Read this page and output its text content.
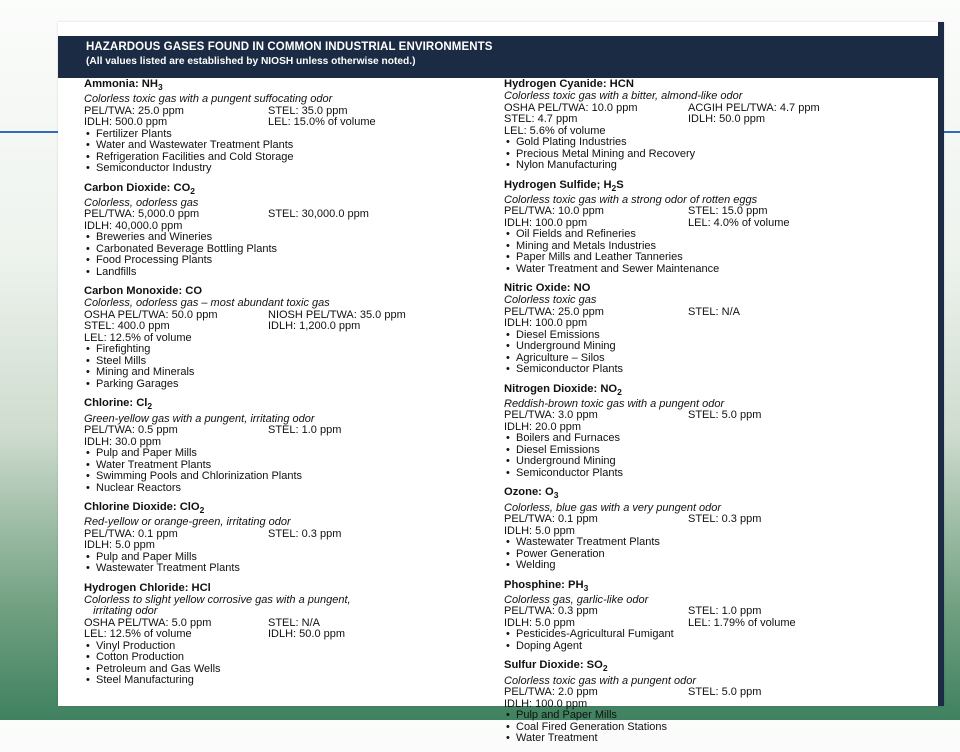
HAZARDOUS GASES FOUND IN COMMON INDUSTRIAL ENVIRONMENTS
(All values listed are established by NIOSH unless otherwise noted.)
Ammonia: $NH_3$
Colorless toxic gas with a pungent suffocating odor
PEL/TWA: 25.0 ppm	STEL: 35.0 ppm
IDLH: 500.0 ppm	LEL: 15.0% of volume
• Fertilizer Plants
• Water and Wastewater Treatment Plants
• Refrigeration Facilities and Cold Storage
• Semiconductor Industry
Carbon Dioxide: $CO_2$
Colorless, odorless gas
PEL/TWA: 5,000.0 ppm	STEL: 30,000.0 ppm
IDLH: 40,000.0 ppm
• Breweries and Wineries
• Carbonated Beverage Bottling Plants
• Food Processing Plants
• Landfills
Carbon Monoxide: CO
Colorless, odorless gas – most abundant toxic gas
OSHA PEL/TWA: 50.0 ppm	NIOSH PEL/TWA: 35.0 ppm
STEL: 400.0 ppm	IDLH: 1,200.0 ppm
LEL: 12.5% of volume
• Firefighting
• Steel Mills
• Mining and Minerals
• Parking Garages
Chlorine: $Cl_2$
Green-yellow gas with a pungent, irritating odor
PEL/TWA: 0.5 ppm	STEL: 1.0 ppm
IDLH: 30.0 ppm
• Pulp and Paper Mills
• Water Treatment Plants
• Swimming Pools and Chlorinization Plants
• Nuclear Reactors
Chlorine Dioxide: ClO$_2$
Red-yellow or orange-green, irritating odor
PEL/TWA: 0.1 ppm	STEL: 0.3 ppm
IDLH: 5.0 ppm
• Pulp and Paper Mills
• Wastewater Treatment Plants
Hydrogen Chloride: HCl
Colorless to slight yellow corrosive gas with a pungent,
irritating odor
OSHA PEL/TWA: 5.0 ppm	STEL: N/A
LEL: 12.5% of volume	IDLH: 50.0 ppm
• Vinyl Production
• Cotton Production
• Petroleum and Gas Wells
• Steel Manufacturing
Hydrogen Cyanide: HCN
Colorless toxic gas with a bitter, almond-like odor
OSHA PEL/TWA: 10.0 ppm	ACGIH PEL/TWA: 4.7 ppm
STEL: 4.7 ppm	IDLH: 50.0 ppm
LEL: 5.6% of volume
• Gold Plating Industries
• Precious Metal Mining and Recovery
• Nylon Manufacturing
Hydrogen Sulfide; $H_2S$
Colorless toxic gas with a strong odor of rotten eggs
PEL/TWA: 10.0 ppm	STEL: 15.0 ppm
IDLH: 100.0 ppm	LEL: 4.0% of volume
• Oil Fields and Refineries
• Mining and Metals Industries
• Paper Mills and Leather Tanneries
• Water Treatment and Sewer Maintenance
Nitric Oxide: NO
Colorless toxic gas
PEL/TWA: 25.0 ppm	STEL: N/A
IDLH: 100.0 ppm
• Diesel Emissions
• Underground Mining
• Agriculture – Silos
• Semiconductor Plants
Nitrogen Dioxide: $NO_2$
Reddish-brown toxic gas with a pungent odor
PEL/TWA: 3.0 ppm	STEL: 5.0 ppm
IDLH: 20.0 ppm
• Boilers and Furnaces
• Diesel Emissions
• Underground Mining
• Semiconductor Plants
Ozone: $O_3$
Colorless, blue gas with a very pungent odor
PEL/TWA: 0.1 ppm	STEL: 0.3 ppm
IDLH: 5.0 ppm
• Wastewater Treatment Plants
• Power Generation
• Welding
Phosphine: $PH_3$
Colorless gas, garlic-like odor
PEL/TWA: 0.3 ppm	STEL: 1.0 ppm
IDLH: 5.0 ppm	LEL: 1.79% of volume
• Pesticides-Agricultural Fumigant
• Doping Agent
Sulfur Dioxide: $SO_2$
Colorless toxic gas with a pungent odor
PEL/TWA: 2.0 ppm	STEL: 5.0 ppm
IDLH: 100.0 ppm
• Pulp and Paper Mills
• Coal Fired Generation Stations
• Water Treatment
